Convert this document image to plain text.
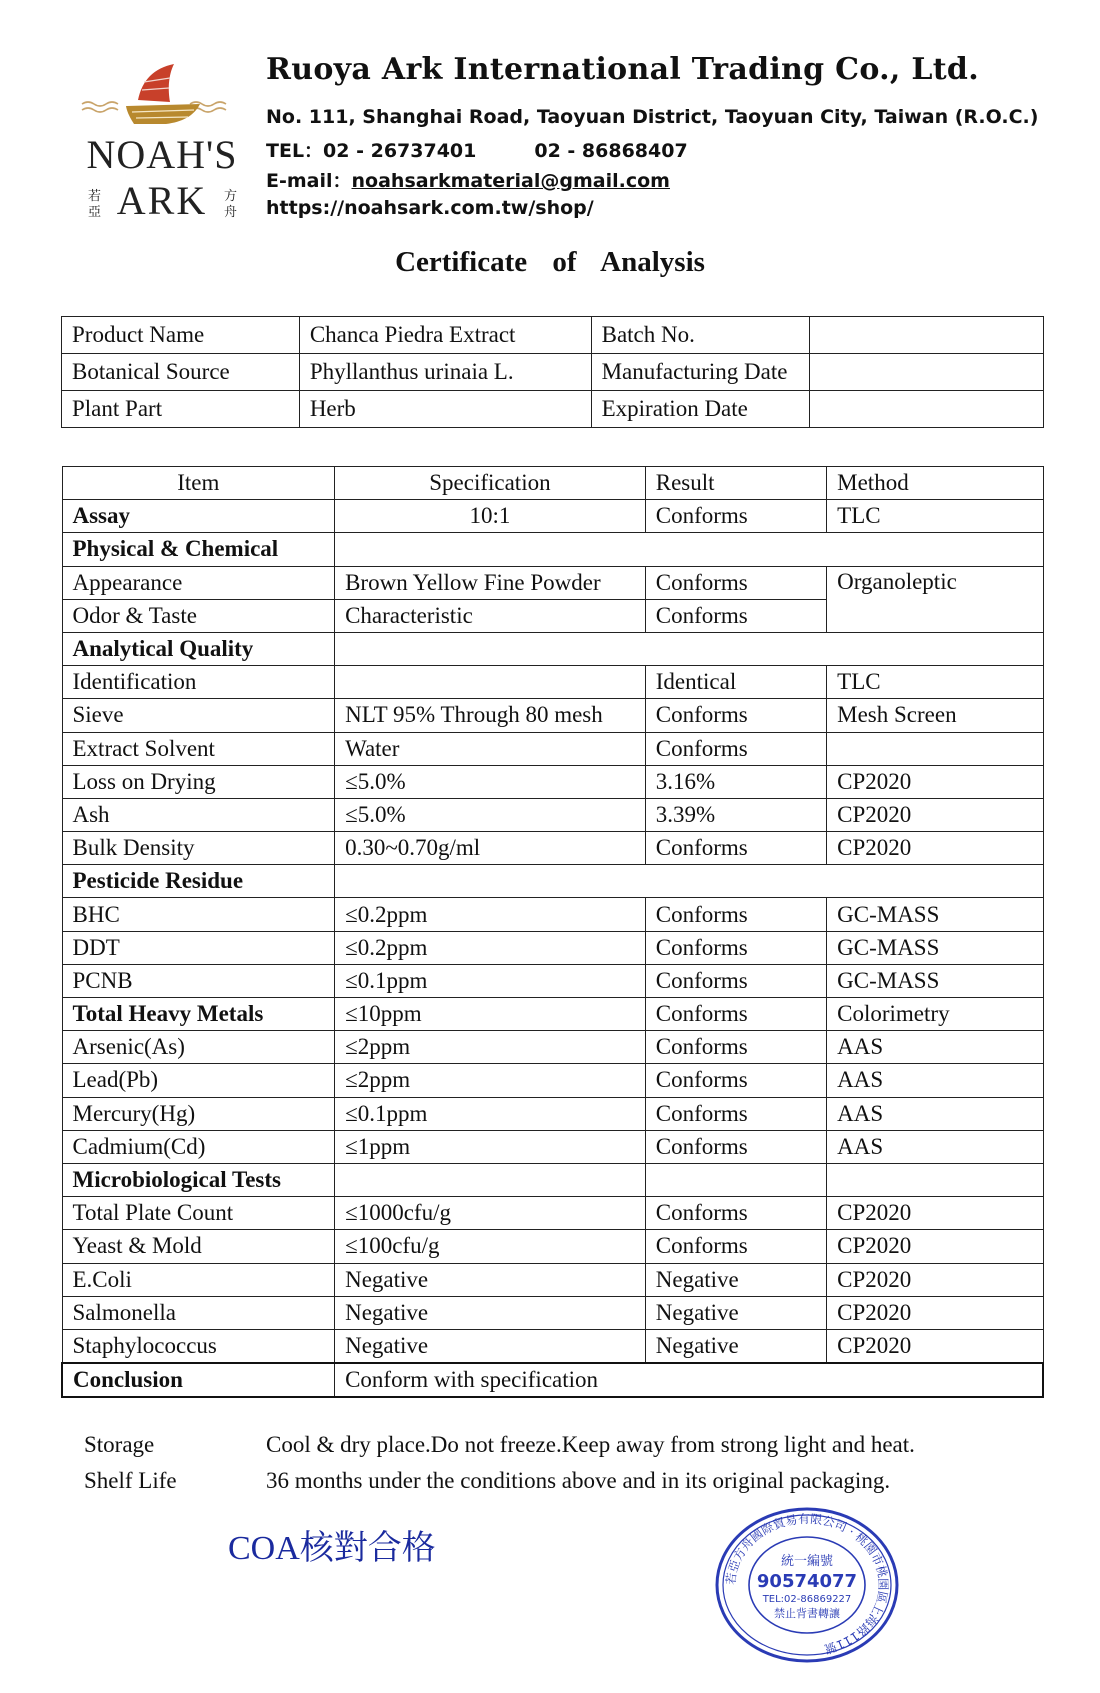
NOAH'S
若
亞 ARK 方
舟
Ruoya Ark International Trading Co., Ltd.
No. 111, Shanghai Road, Taoyuan District, Taoyuan City, Taiwan (R.O.C.)
TEL：02 - 26737401	02 - 86868407
E-mail：noahsarkmaterial@gmail.com
https://noahsark.com.tw/shop/
Certificate of Analysis
Product Name	Chanca Piedra Extract	Batch No.	
Botanical Source	Phyllanthus urinaia L.	Manufacturing Date	
Plant Part	Herb	Expiration Date	
Item	Specification	Result	Method
Assay	10:1	Conforms	TLC
Physical & Chemical			
Appearance	Brown Yellow Fine Powder	Conforms	Organoleptic
Odor & Taste	Characteristic	Conforms	
Analytical Quality			
Identification		Identical	TLC
Sieve	NLT 95% Through 80 mesh	Conforms	Mesh Screen
Extract Solvent	Water	Conforms	
Loss on Drying	≤5.0%	3.16%	CP2020
Ash	≤5.0%	3.39%	CP2020
Bulk Density	0.30~0.70g/ml	Conforms	CP2020
Pesticide Residue			
BHC	≤0.2ppm	Conforms	GC-MASS
DDT	≤0.2ppm	Conforms	GC-MASS
PCNB	≤0.1ppm	Conforms	GC-MASS
Total Heavy Metals	≤10ppm	Conforms	Colorimetry
Arsenic(As)	≤2ppm	Conforms	AAS
Lead(Pb)	≤2ppm	Conforms	AAS
Mercury(Hg)	≤0.1ppm	Conforms	AAS
Cadmium(Cd)	≤1ppm	Conforms	AAS
Microbiological Tests			
Total Plate Count	≤1000cfu/g	Conforms	CP2020
Yeast & Mold	≤100cfu/g	Conforms	CP2020
E.Coli	Negative	Negative	CP2020
Salmonella	Negative	Negative	CP2020
Staphylococcus	Negative	Negative	CP2020
Conclusion	Conform with specification		
Storage	Cool & dry place.Do not freeze.Keep away from strong light and heat.
Shelf Life	36 months under the conditions above and in its original packaging.
COA核對合格
若亞方舟國際貿易有限公司 · 桃園市桃園區上海路111號
統一編號
90574077
TEL:02-86869227
禁止背書轉讓
